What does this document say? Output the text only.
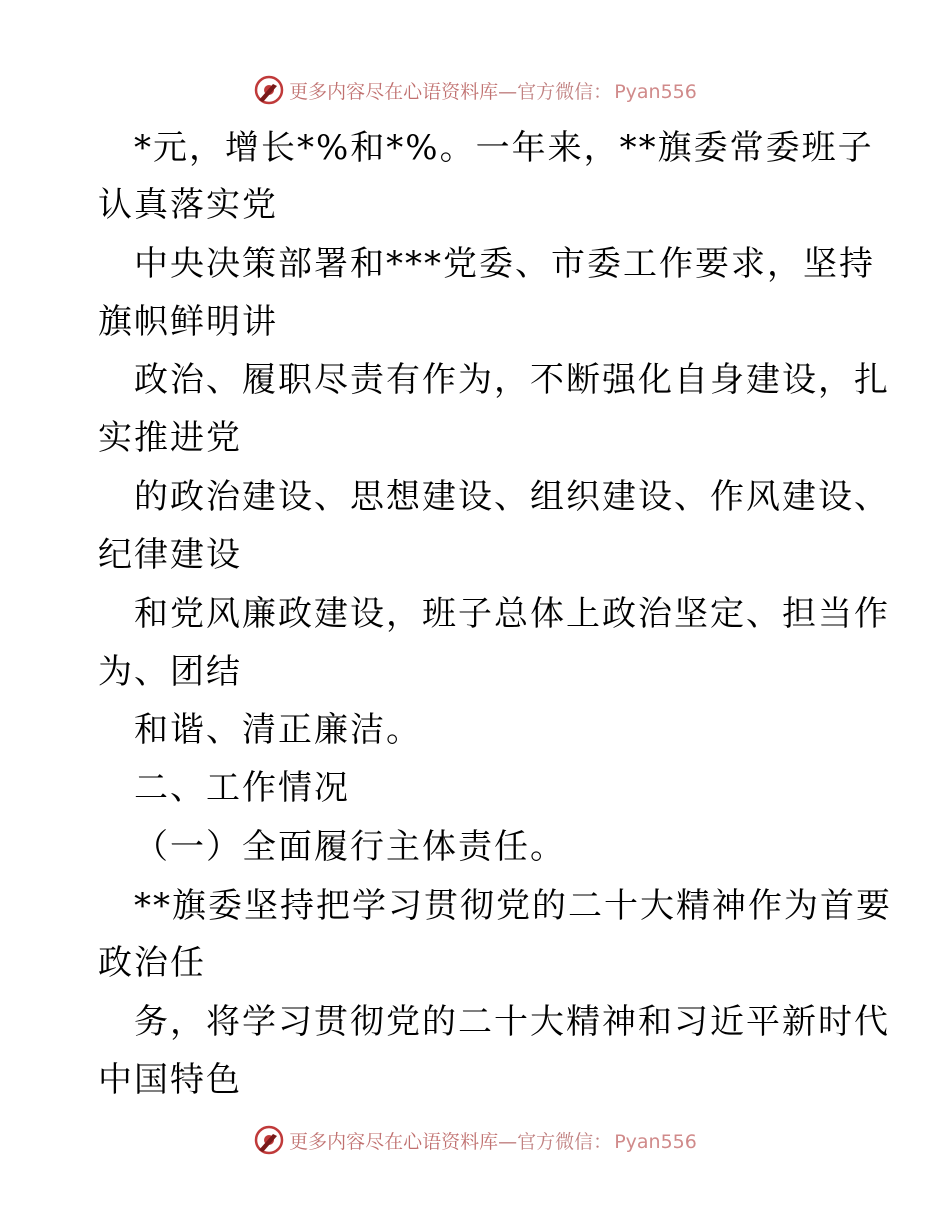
更多内容尽在心语资料库—官方微信： Pyan556
*元，增长*%和*%。一年来，**旗委常委班子
认真落实党
中央决策部署和***党委、市委工作要求，坚持
旗帜鲜明讲
政治、履职尽责有作为，不断强化自身建设，扎
实推进党
的政治建设、思想建设、组织建设、作风建设、
纪律建设
和党风廉政建设，班子总体上政治坚定、担当作
为、团结
和谐、清正廉洁。
二、工作情况
（一）全面履行主体责任。
**旗委坚持把学习贯彻党的二十大精神作为首要
政治任
务，将学习贯彻党的二十大精神和习近平新时代
中国特色
更多内容尽在心语资料库—官方微信： Pyan556
